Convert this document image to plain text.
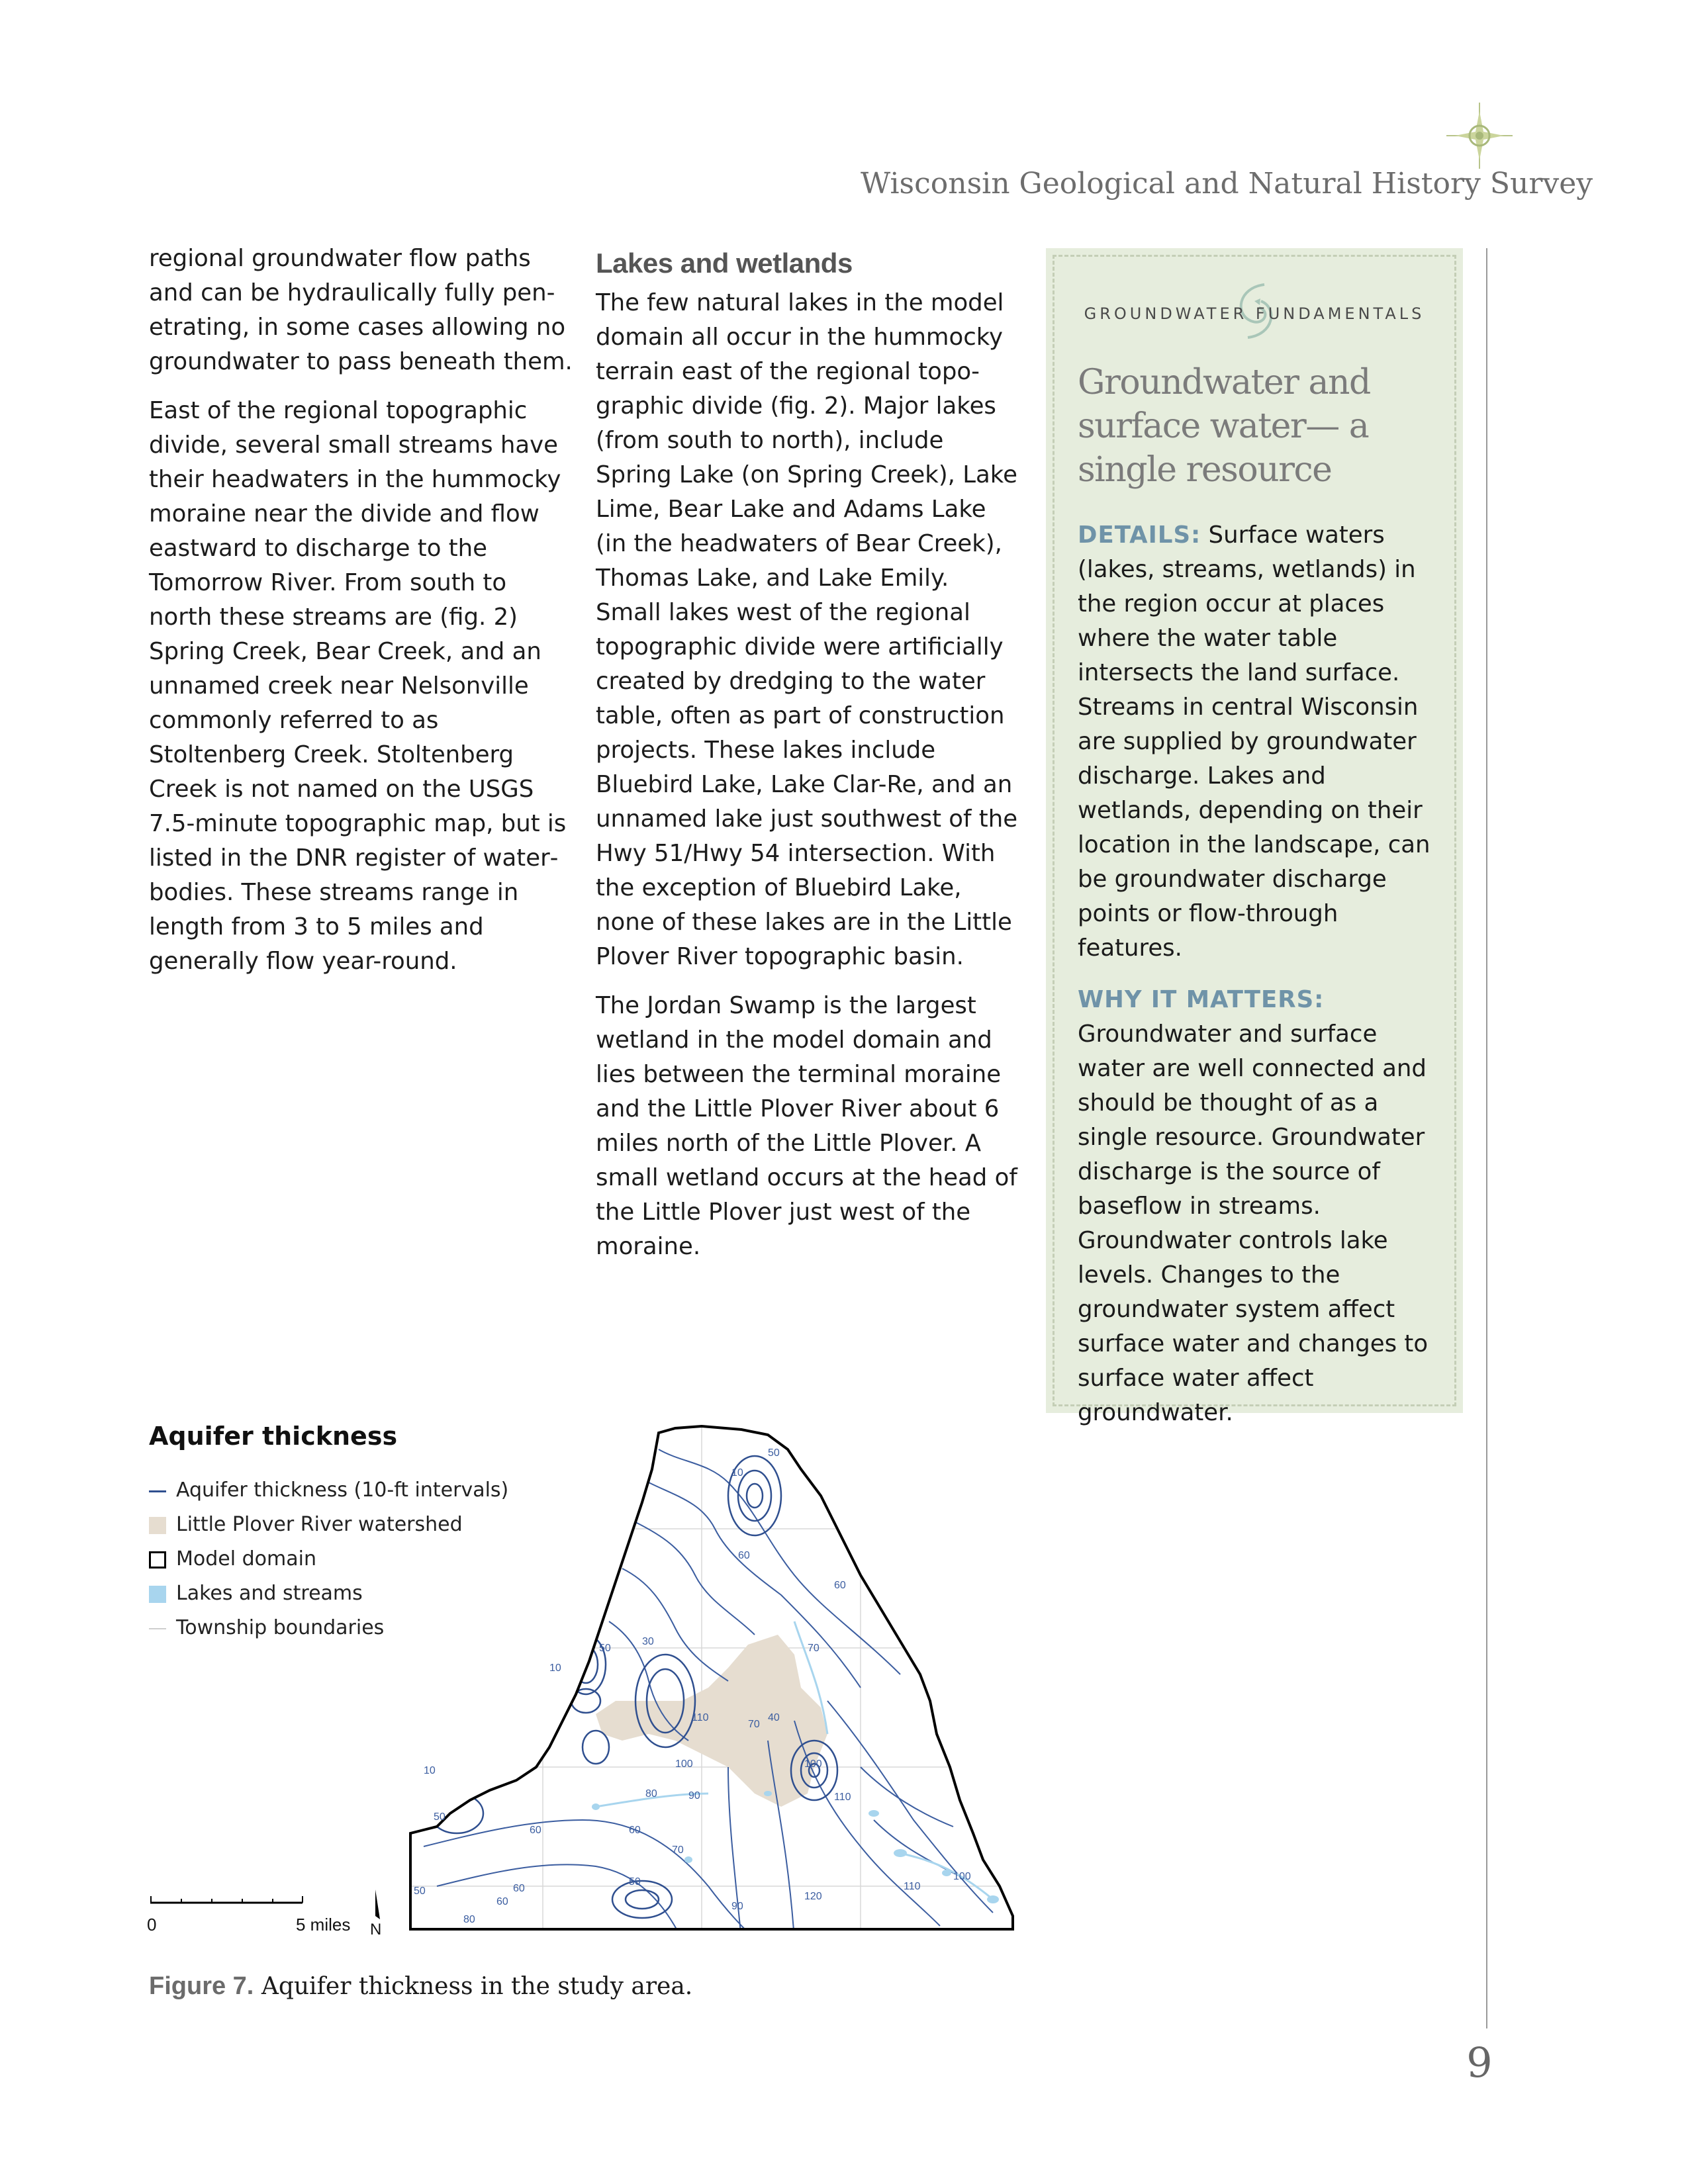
Wisconsin Geological and Natural History Survey

regional groundwater flow paths and can be hydraulically fully penetrating, in some cases allowing no groundwater to pass beneath them.

East of the regional topographic divide, several small streams have their headwaters in the hummocky moraine near the divide and flow eastward to discharge to the Tomorrow River. From south to north these streams are (fig. 2) Spring Creek, Bear Creek, and an unnamed creek near Nelsonville commonly referred to as Stoltenberg Creek. Stoltenberg Creek is not named on the USGS 7.5-minute topographic map, but is listed in the DNR register of waterbodies. These streams range in length from 3 to 5 miles and generally flow year-round.

Lakes and wetlands

The few natural lakes in the model domain all occur in the hummocky terrain east of the regional topographic divide (fig. 2). Major lakes (from south to north), include Spring Lake (on Spring Creek), Lake Lime, Bear Lake and Adams Lake (in the headwaters of Bear Creek), Thomas Lake, and Lake Emily. Small lakes west of the regional topographic divide were artificially created by dredging to the water table, often as part of construction projects. These lakes include Bluebird Lake, Lake Clar-Re, and an unnamed lake just southwest of the Hwy 51/Hwy 54 intersection. With the exception of Bluebird Lake, none of these lakes are in the Little Plover River topographic basin.

The Jordan Swamp is the largest wetland in the model domain and lies between the terminal moraine and the Little Plover River about 6 miles north of the Little Plover. A small wetland occurs at the head of the Little Plover just west of the moraine.

GROUNDWATER FUNDAMENTALS
Groundwater and surface water— a single resource

DETAILS: Surface waters (lakes, streams, wetlands) in the region occur at places where the water table intersects the land surface. Streams in central Wisconsin are supplied by groundwater discharge. Lakes and wetlands, depending on their location in the landscape, can be groundwater discharge points or flow-through features.

WHY IT MATTERS:
Groundwater and surface water are well connected and should be thought of as a single resource. Groundwater discharge is the source of baseflow in streams. Groundwater controls lake levels. Changes to the groundwater system affect surface water and changes to surface water affect groundwater.

Aquifer thickness
Aquifer thickness (10-ft intervals)
Little Plover River watershed
Model domain
Lakes and streams
Township boundaries
50
10
60
60
30
50	70
10
40
70
110
100
10
50
80	90
100
110
60	60
70
50
60	90
120
110
100
80
50	60
0	5 miles N
Figure 7. Aquifer thickness in the study area.
9
